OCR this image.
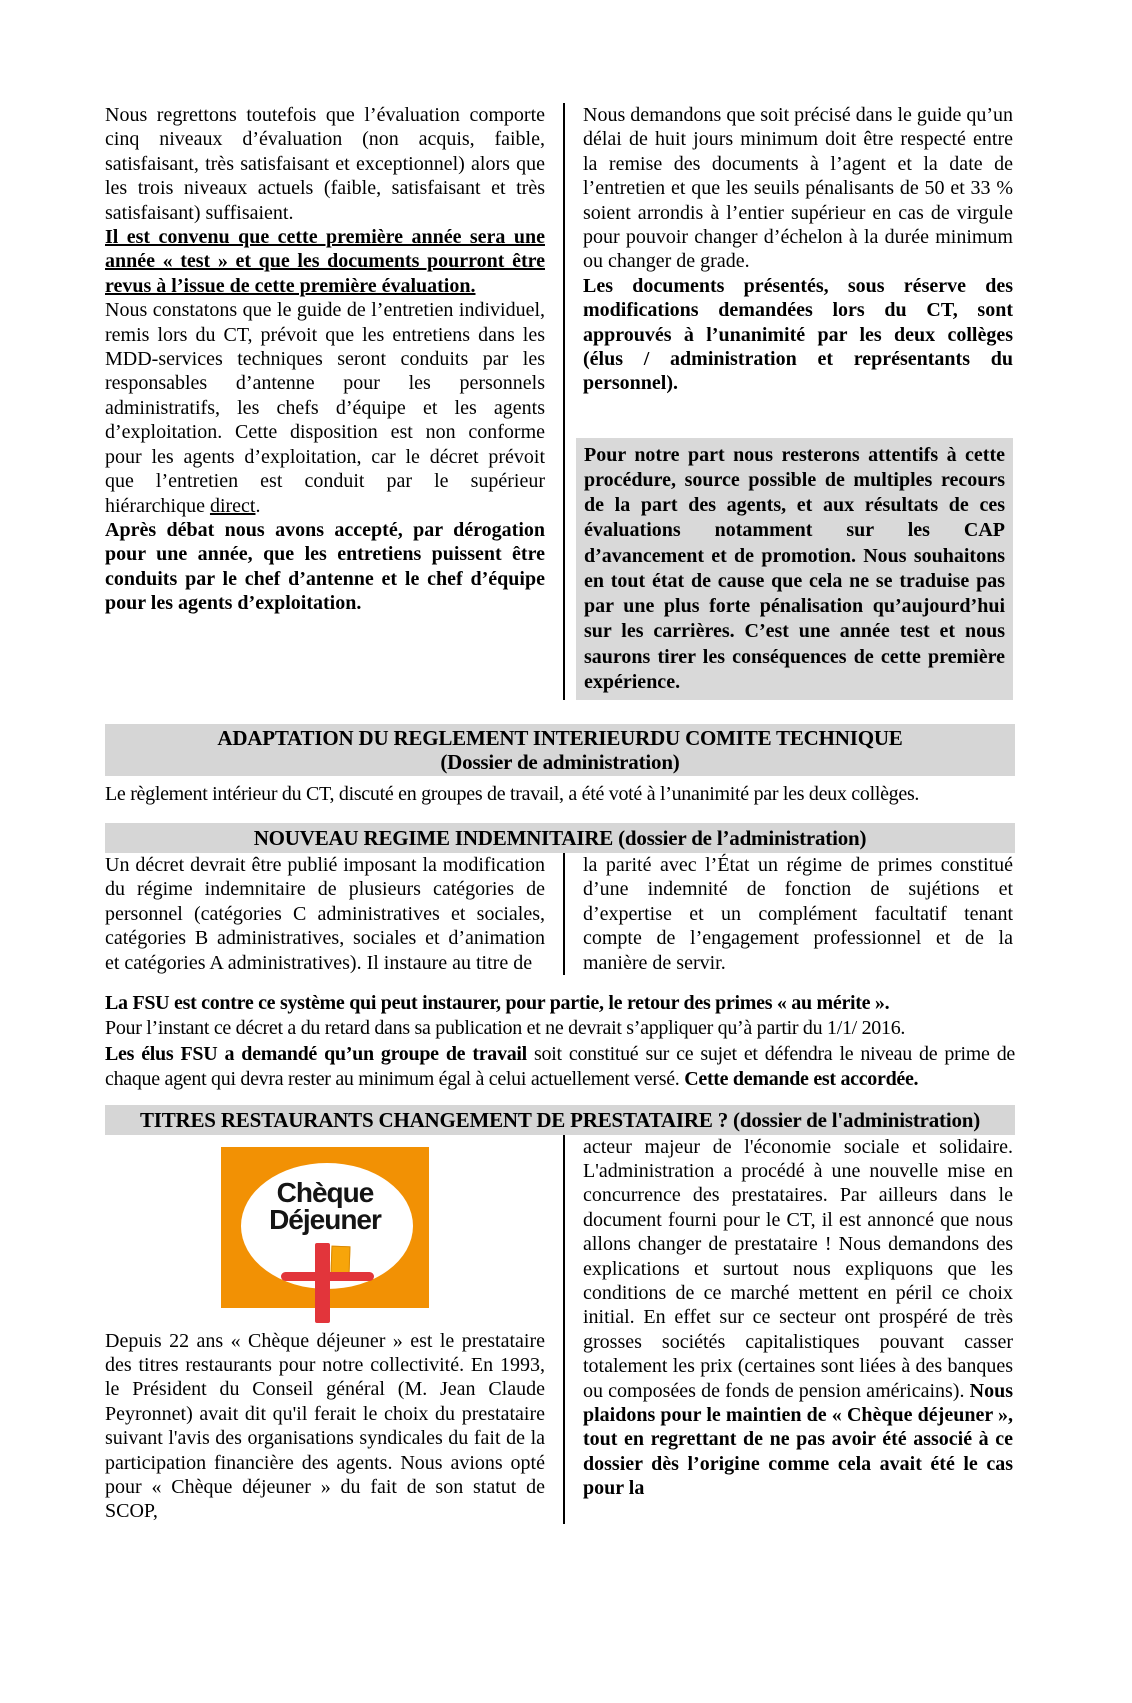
Nous regrettons toutefois que l’évaluation comporte cinq niveaux d’évaluation (non acquis, faible, satisfaisant, très satisfaisant et exceptionnel) alors que les trois niveaux actuels (faible, satisfaisant et très satisfaisant) suffisaient.

Il est convenu que cette première année sera une année « test » et que les documents pourront être revus à l’issue de cette première évaluation.

Nous constatons que le guide de l’entretien individuel, remis lors du CT, prévoit que les entretiens dans les MDD-services techniques seront conduits par les responsables d’antenne pour les personnels administratifs, les chefs d’équipe et les agents d’exploitation. Cette disposition est non conforme pour les agents d’exploitation, car le décret prévoit que l’entretien est conduit par le supérieur hiérarchique direct.

Après débat nous avons accepté, par dérogation pour une année, que les entretiens puissent être conduits par le chef d’antenne et le chef d’équipe pour les agents d’exploitation.

Nous demandons que soit précisé dans le guide qu’un délai de huit jours minimum doit être respecté entre la remise des documents à l’agent et la date de l’entretien et que les seuils pénalisants de 50 et 33 % soient arrondis à l’entier supérieur en cas de virgule pour pouvoir changer d’échelon à la durée minimum ou changer de grade.

Les documents présentés, sous réserve des modifications demandées lors du CT, sont approuvés à l’unanimité par les deux collèges (élus / administration et représentants du personnel).

Pour notre part nous resterons attentifs à cette procédure, source possible de multiples recours de la part des agents, et aux résultats de ces évaluations notamment sur les CAP d’avancement et de promotion. Nous souhaitons en tout état de cause que cela ne se traduise pas par une plus forte pénalisation qu’aujourd’hui sur les carrières. C’est une année test et nous saurons tirer les conséquences de cette première expérience.
ADAPTATION DU REGLEMENT INTERIEURDU COMITE TECHNIQUE
(Dossier de administration)
Le règlement intérieur du CT, discuté en groupes de travail, a été voté à l’unanimité par les deux collèges.
NOUVEAU REGIME INDEMNITAIRE (dossier de l’administration)

Un décret devrait être publié imposant la modification du régime indemnitaire de plusieurs catégories de personnel (catégories C administratives et sociales, catégories B administratives, sociales et d’animation et catégories A administratives). Il instaure au titre de

la parité avec l’État un régime de primes constitué d’une indemnité de fonction de sujétions et d’expertise et un complément facultatif tenant compte de l’engagement professionnel et de la manière de servir.

La FSU est contre ce système qui peut instaurer, pour partie, le retour des primes « au mérite ».

Pour l’instant ce décret a du retard dans sa publication et ne devrait s’appliquer qu’à partir du 1/1/ 2016.

Les élus FSU a demandé qu’un groupe de travail soit constitué sur ce sujet et défendra le niveau de prime de chaque agent qui devra rester au minimum égal à celui actuellement versé. Cette demande est accordée.

TITRES RESTAURANTS CHANGEMENT DE PRESTATAIRE ? (dossier de l'administration)
Chèque
Déjeuner

Depuis 22 ans « Chèque déjeuner » est le prestataire des titres restaurants pour notre collectivité. En 1993, le Président du Conseil général (M. Jean Claude Peyronnet) avait dit qu'il ferait le choix du prestataire suivant l'avis des organisations syndicales du fait de la participation financière des agents. Nous avions opté pour « Chèque déjeuner » du fait de son statut de SCOP,

acteur majeur de l'économie sociale et solidaire. L'administration a procédé à une nouvelle mise en concurrence des prestataires. Par ailleurs dans le document fourni pour le CT, il est annoncé que nous allons changer de prestataire ! Nous demandons des explications et surtout nous expliquons que les conditions de ce marché mettent en péril ce choix initial. En effet sur ce secteur ont prospéré de très grosses sociétés capitalistiques pouvant casser totalement les prix (certaines sont liées à des banques ou composées de fonds de pension américains). Nous plaidons pour le maintien de « Chèque déjeuner », tout en regrettant de ne pas avoir été associé à ce dossier dès l’origine comme cela avait été le cas pour la
